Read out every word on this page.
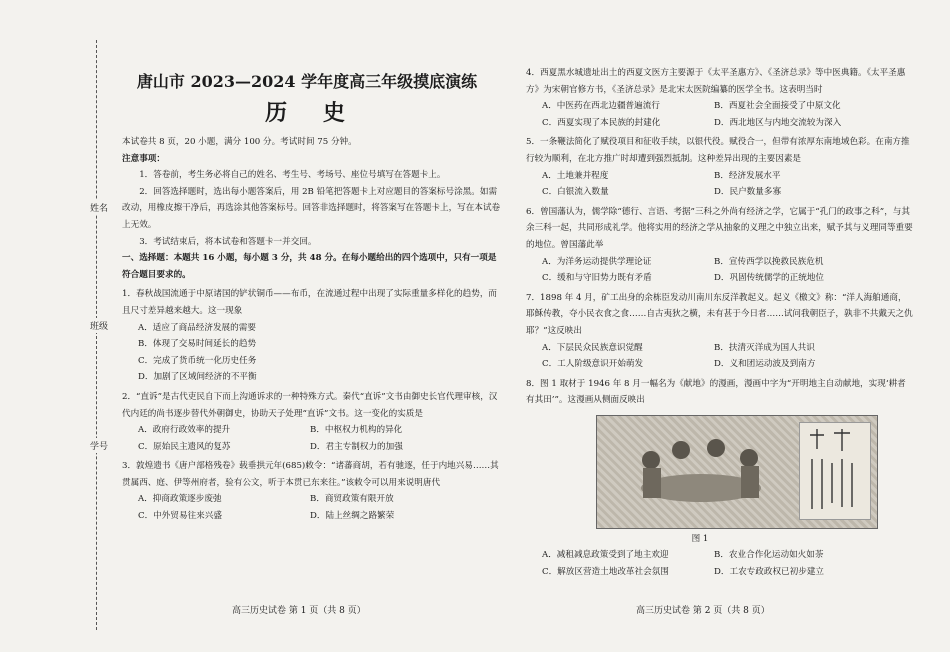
姓名
班级
学号
唐山市 2023—2024 学年度高三年级摸底演练
历 史

本试卷共 8 页，20 小题，满分 100 分。考试时间 75 分钟。

注意事项：

1．答卷前，考生务必将自己的姓名、考生号、考场号、座位号填写在答题卡上。

2．回答选择题时，选出每小题答案后，用 2B 铅笔把答题卡上对应题目的答案标号涂黑。如需改动，用橡皮擦干净后，再选涂其他答案标号。回答非选择题时，将答案写在答题卡上，写在本试卷上无效。

3．考试结束后，将本试卷和答题卡一并交回。

一、选择题：本题共 16 小题，每小题 3 分，共 48 分。在每小题给出的四个选项中，只有一项是符合题目要求的。

1．春秋战国流通于中原诸国的铲状铜币——布币，在流通过程中出现了实际重量多样化的趋势，而且尺寸差异越来越大。这一现象

A．适应了商品经济发展的需要
B．体现了交易时间延长的趋势
C．完成了货币统一化历史任务
D．加剧了区域间经济的不平衡

2．“直诉”是古代吏民自下而上沟通诉求的一种特殊方式。秦代“直诉”文书由御史长官代理审核，汉代内廷的尚书逐步替代外朝御史，协助天子处理“直诉”文书。这一变化的实质是

A．政府行政效率的提升	B．中枢权力机构的异化
C．原始民主遗风的复苏	D．君主专制权力的加强

3．敦煌遗书《唐户部格残卷》载垂拱元年(685)敕令：“诸蕃商胡，若有驰逐，任于内地兴易……其贯属西、庭、伊等州府者，验有公文，听于本贯已东来往。”该敕令可以用来说明唐代

A．抑商政策逐步废弛	B．商贸政策有限开放
C．中外贸易往来兴盛	D．陆上丝绸之路繁荣
高三历史试卷 第 1 页（共 8 页）

4．西夏黑水城遗址出土的西夏文医方主要源于《太平圣惠方》、《圣济总录》等中医典籍。《太平圣惠方》为宋朝官修方书，《圣济总录》是北宋太医院编纂的医学全书。这表明当时

A．中医药在西北边疆普遍流行	B．西夏社会全面接受了中原文化
C．西夏实现了本民族的封建化	D．西北地区与内地交流较为深入

5．一条鞭法简化了赋役项目和征收手续，以银代役。赋役合一，但带有浓厚东南地域色彩。在南方推行较为顺利，在北方推广时却遭到强烈抵制。这种差异出现的主要因素是

A．土地兼并程度	B．经济发展水平
C．白银流入数量	D．民户数量多寡

6．曾国藩认为，儒学除“德行、言语、考据”三科之外尚有经济之学，它属于“孔门的政事之科”，与其余三科一起，共同形成礼学。他将实用的经济之学从抽象的义理之中独立出来，赋予其与义理同等重要的地位。曾国藩此举

A．为洋务运动提供学理论证	B．宣传西学以挽救民族危机
C．缓和与守旧势力既有矛盾	D．巩固传统儒学的正统地位

7．1898 年 4 月，矿工出身的余栋臣发动川南川东反洋教起义。起义《檄文》称：“洋人海舶通商，耶稣传教，夺小民衣食之食……自古夷狄之横，未有甚于今日者……试问我朝臣子，孰非不共戴天之仇耶？”这反映出

A．下层民众民族意识觉醒	B．扶清灭洋成为国人共识
C．工人阶级意识开始萌发	D．义和团运动波及到南方

8．图 1 取材于 1946 年 8 月一幅名为《献地》的漫画，漫画中字为“开明地主自动献地，实现‘耕者有其田’”。这漫画从侧面反映出

图 1
A．减租减息政策受到了地主欢迎	B．农业合作化运动如火如荼
C．解放区营造土地改革社会氛围	D．工农专政政权已初步建立
高三历史试卷 第 2 页（共 8 页）
